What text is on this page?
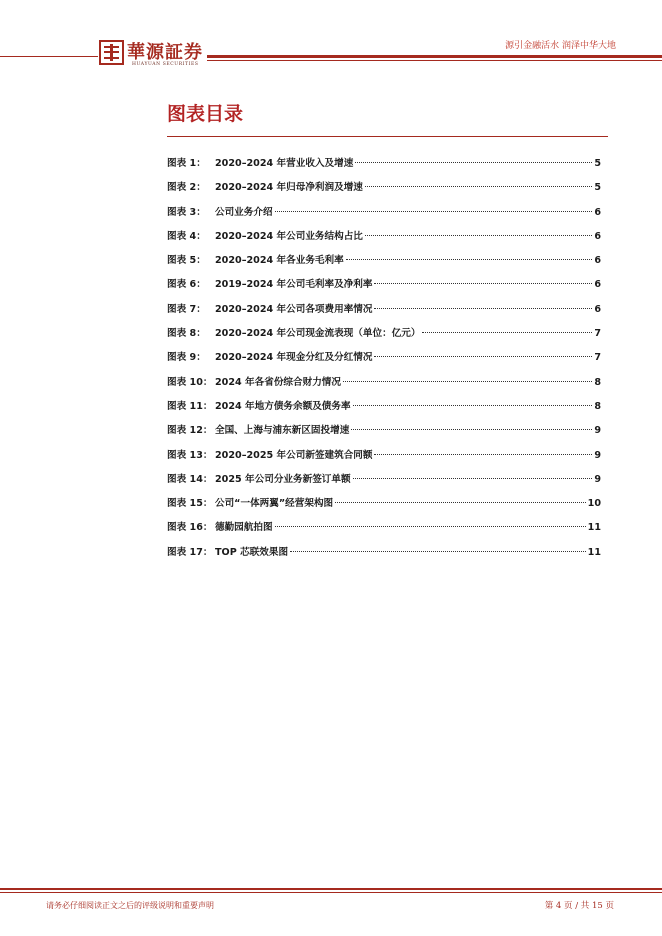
華源証券
HUAYUAN SECURITIES
源引金融活水 润泽中华大地
图表目录
图表 1： 2020–2024 年营业收入及增速	5
图表 2： 2020–2024 年归母净利润及增速	5
图表 3： 公司业务介绍	6
图表 4： 2020–2024 年公司业务结构占比	6
图表 5： 2020–2024 年各业务毛利率	6
图表 6： 2019–2024 年公司毛利率及净利率	6
图表 7： 2020–2024 年公司各项费用率情况	6
图表 8： 2020–2024 年公司现金流表现（单位：亿元）	7
图表 9： 2020–2024 年现金分红及分红情况	7
图表 10： 2024 年各省份综合财力情况	8
图表 11： 2024 年地方债务余额及债务率	8
图表 12： 全国、上海与浦东新区固投增速	9
图表 13： 2020–2025 年公司新签建筑合同额	9
图表 14： 2025 年公司分业务新签订单额	9
图表 15： 公司“一体两翼”经营架构图	10
图表 16： 德勤园航拍图	11
图表 17： TOP 芯联效果图	11
请务必仔细阅读正文之后的评级说明和重要声明	第 4 页 / 共 15 页
